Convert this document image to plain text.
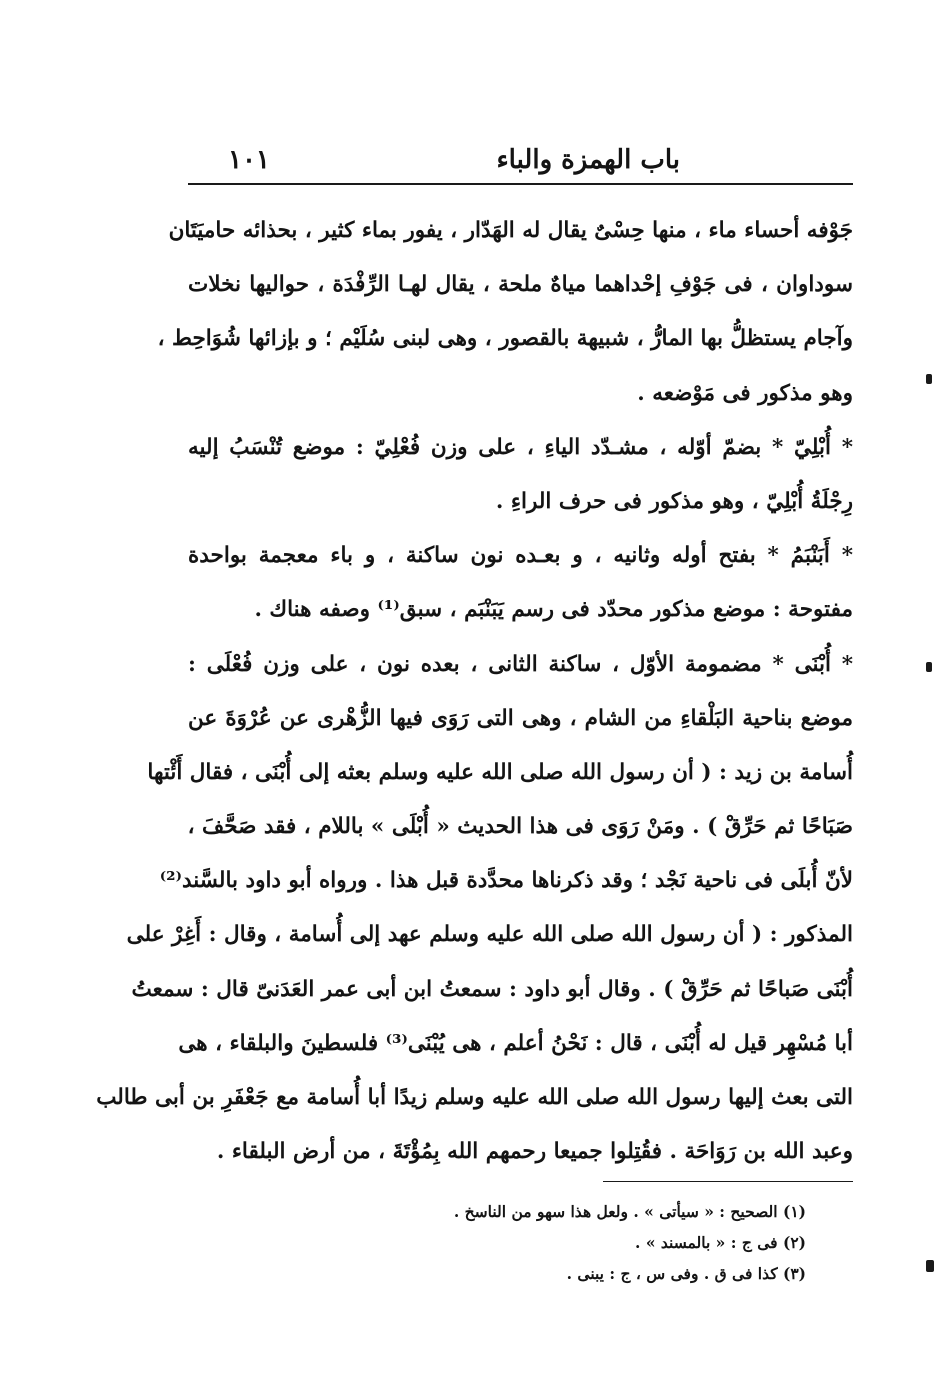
باب الهمزة والباء
١٠١

جَوْفه أحساء ماء ، منها حِسْىٌ يقال له الهَدّار ، يفور بماء كثير ، بحذائه حاميَتَان
سوداوان ، فى جَوْفِ إحْداهما مياهٌ ملحة ، يقال لهـا الرِّفْدَة ، حواليها نخلات
وآجام يستظلُّ بها المارُّ ، شبيهة بالقصور ، وهى لبنى سُلَيْم ؛ و بإزائها شُوَاحِط ،
وهو مذكور فى مَوْضعه .

* أُبْلِيّ * بضمّ أوّله ، مشـدّد الياءِ ، على وزن فُعْلِيّ : موضع تُنْسَبُ إليه
رِجْلَةُ أُبْلِيّ ، وهو مذكور فى حرف الراءِ .

* أَبَنْبَمُ * بفتح أوله وثانيه ، و بعـده نون ساكنة ، و باء معجمة بواحدة
مفتوحة : موضع مذكور محدّد فى رسم يَبَنْبَم ، سبق⁽¹⁾ وصفه هناك .

* أُبْنَى * مضمومة الأوّل ، ساكنة الثانى ، بعده نون ، على وزن فُعْلَى :
موضع بناحية البَلْقاءِ من الشام ، وهى التى رَوَى فيها الزُّهْرى عن عُرْوَةَ عن
أُسامة بن زيد : ( أن رسول الله صلى الله عليه وسلم بعثه إلى أُبْنَى ، فقال أَئْتها
صَبَاحًا ثم حَرِّقْ ) . ومَنْ رَوَى فى هذا الحديث « أُبْلَى » باللام ، فقد صَحَّفَ ،
لأنّ أُبلَى فى ناحية نَجْد ؛ وقد ذكرناها محدَّدة قبل هذا . ورواه أبو داود بالسَّند⁽²⁾
المذكور : ( أن رسول الله صلى الله عليه وسلم عهد إلى أُسامة ، وقال : أَغِرْ على
أُبْنَى صَباحًا ثم حَرِّقْ ) . وقال أبو داود : سمعتُ ابن أبى عمر العَدَنىّ قال : سمعتُ
أبا مُسْهِر قيل له أُبْنَى ، قال : نَحْنُ أعلم ، هى يُبْنَى⁽³⁾ فلسطينَ والبلقاء ، هى
التى بعث إليها رسول الله صلى الله عليه وسلم زيدًا أبا أُسامة مع جَعْفَرِ بن أبى طالب
وعبد الله بن رَوَاحَة . فقُتِلوا جميعا رحمهم الله بِمُؤْتَةَ ، من أرض البلقاء .

(١) الصحيح : « سيأتى » . ولعل هذا سهو من الناسخ .
(٢) فى ج : « بالمسند » .
(٣) كذا فى ق . وفى س ، ج : يبنى .
